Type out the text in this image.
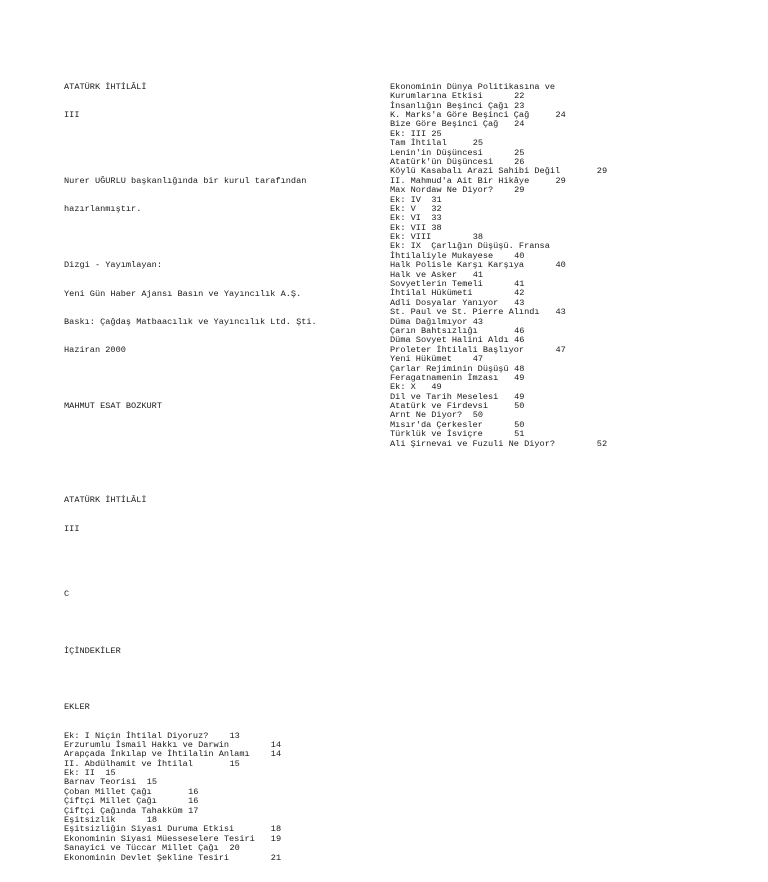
ATATÜRK İHTİLÂLİ

III

Nurer UĞURLU başkanlığında bir kurul tarafından

hazırlanmıştır.

Dizgi - Yayımlayan:

Yeni Gün Haber Ajansı Basın ve Yayıncılık A.Ş.

Baskı: Çağdaş Matbaacılık ve Yayıncılık Ltd. Şti.

Haziran 2000

MAHMUT ESAT BOZKURT

ATATÜRK İHTİLÂLİ

III

C

İÇİNDEKİLER

EKLER

Ek: I Niçin İhtilal Diyoruz? 13
Erzurumlu İsmail Hakkı ve Darwin	14
Arapçada İnkılap ve İhtilalin Anlamı 14
II. Abdülhamit ve İhtilal	15
Ek: II 15
Barnav Teorisi 15
Çoban Millet Çağı	16
Çiftçi Millet Çağı	16
Çiftçi Çağında Tahakküm 17
Eşitsizlik	18
Eşitsizliğin Siyasi Duruma Etkisi	18
Ekonominin Siyasi Müesseselere Tesiri 19
Sanayici ve Tüccar Millet Çağı 20
Ekonominin Devlet Şekline Tesiri	21

Ekonominin Dünya Politikasına ve
Kurumlarına Etkisi	22
İnsanlığın Beşinci Çağı 23
K. Marks'a Göre Beşinci Çağ	24
Bize Göre Beşinci Çağ 24
Ek: III 25
Tam İhtilal	25
Lenin'in Düşüncesi	25
Atatürk'ün Düşüncesi 26
Köylü Kasabalı Arazi Sahibi Değil	29
II. Mahmud'a Ait Bir Hikâye	29
Max Nordaw Ne Diyor? 29
Ek: IV 31
Ek: V 32
Ek: VI 33
Ek: VII 38
Ek: VIII	38
Ek: IX  Çarlığın Düşüşü. Fransa
İhtilaliyle Mukayese 40
Halk Polisle Karşı Karşıya	40
Halk ve Asker 41
Sovyetlerin Temeli	41
İhtilal Hükümeti	42
Adli Dosyalar Yanıyor 43
St. Paul ve St. Pierre Alındı 43
Düma Dağılmıyor 43
Çarın Bahtsızlığı	46
Düma Sovyet Halini Aldı 46
Proleter İhtilali Başlıyor	47
Yeni Hükümet 47
Çarlar Rejiminin Düşüşü 48
Feragatnamenin İmzası 49
Ek: X 49
Dil ve Tarih Meselesi 49
Atatürk ve Firdevsi	50
Arnt Ne Diyor? 50
Mısır'da Çerkesler	50
Türklük ve İsviçre	51
Ali Şirnevai ve Fuzuli Ne Diyor?	52
